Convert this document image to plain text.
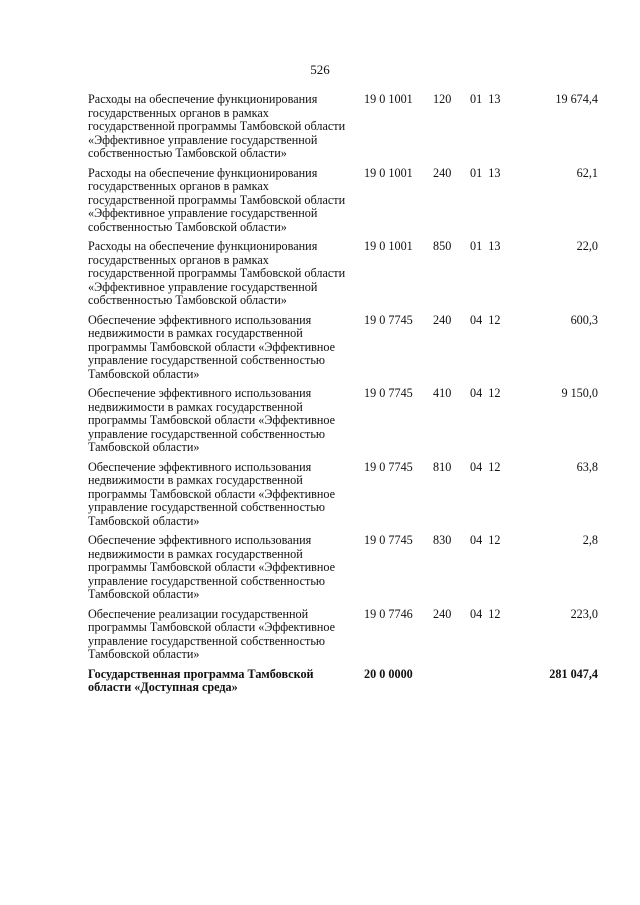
526
Расходы на обеспечение функционирования государственных органов в рамках государственной программы Тамбовской области «Эффективное управление государственной собственностью Тамбовской области»
19 0 1001 120 01 13	19 674,4
Расходы на обеспечение функционирования государственных органов в рамках государственной программы Тамбовской области «Эффективное управление государственной собственностью Тамбовской области»
19 0 1001 240 01 13	62,1
Расходы на обеспечение функционирования государственных органов в рамках государственной программы Тамбовской области «Эффективное управление государственной собственностью Тамбовской области»
19 0 1001 850 01 13	22,0
Обеспечение эффективного использования недвижимости в рамках государственной программы Тамбовской области «Эффективное управление государственной собственностью Тамбовской области»
19 0 7745 240 04 12	600,3
Обеспечение эффективного использования недвижимости в рамках государственной программы Тамбовской области «Эффективное управление государственной собственностью Тамбовской области»
19 0 7745 410 04 12	9 150,0
Обеспечение эффективного использования недвижимости в рамках государственной программы Тамбовской области «Эффективное управление государственной собственностью Тамбовской области»
19 0 7745 810 04 12	63,8
Обеспечение эффективного использования недвижимости в рамках государственной программы Тамбовской области «Эффективное управление государственной собственностью Тамбовской области»
19 0 7745 830 04 12	2,8
Обеспечение реализации государственной программы Тамбовской области «Эффективное управление государственной собственностью Тамбовской области»
19 0 7746 240 04 12	223,0
Государственная программа Тамбовской области «Доступная среда»
20 0 0000	281 047,4
